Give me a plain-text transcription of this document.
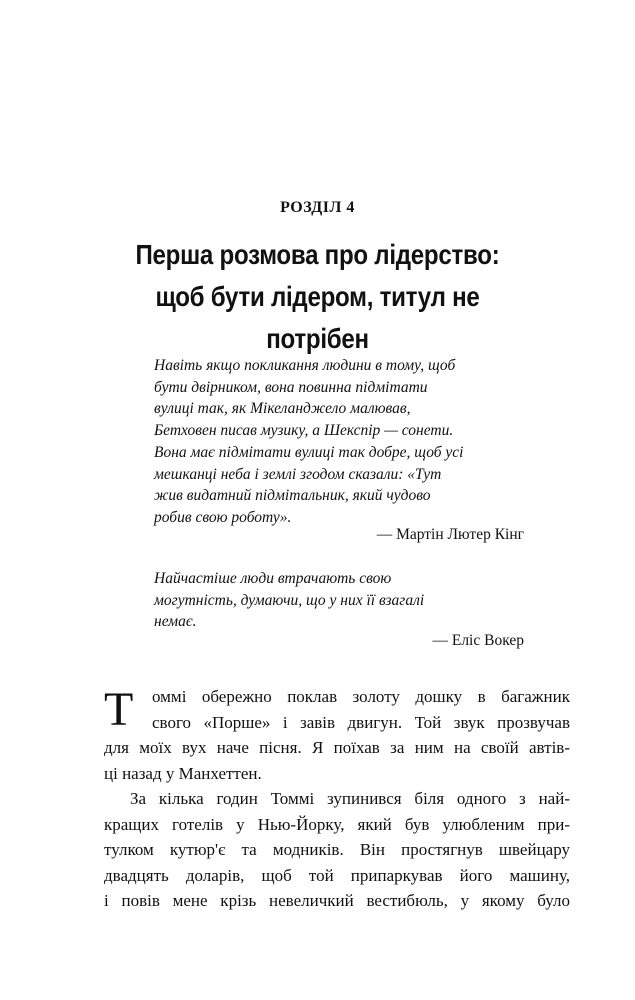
РОЗДІЛ 4
Перша розмова про лідерство:
щоб бути лідером, титул не потрібен
Навіть якщо покликання людини в тому, щоб
бути двірником, вона повинна підмітати
вулиці так, як Мікеланджело малював,
Бетховен писав музику, а Шекспір — сонети.
Вона має підмітати вулиці так добре, щоб усі
мешканці неба і землі згодом сказали: «Тут
жив видатний підмітальник, який чудово
робив свою роботу».
— Мартін Лютер Кінг
Найчастіше люди втрачають свою
могутність, думаючи, що у них її взагалі
немає.
— Еліс Вокер
Т	оммі обережно поклав золоту дошку в багажник
свого «Порше» і завів двигун. Той звук прозвучав
для моїх вух наче пісня. Я поїхав за ним на своїй автів-
ці назад у Манхеттен.
За кілька годин Томмі зупинився біля одного з най-
кращих готелів у Нью-Йорку, який був улюбленим при-
тулком кутюр'є та модників. Він простягнув швейцару
двадцять доларів, щоб той припаркував його машину,
і повів мене крізь невеличкий вестибюль, у якому було
